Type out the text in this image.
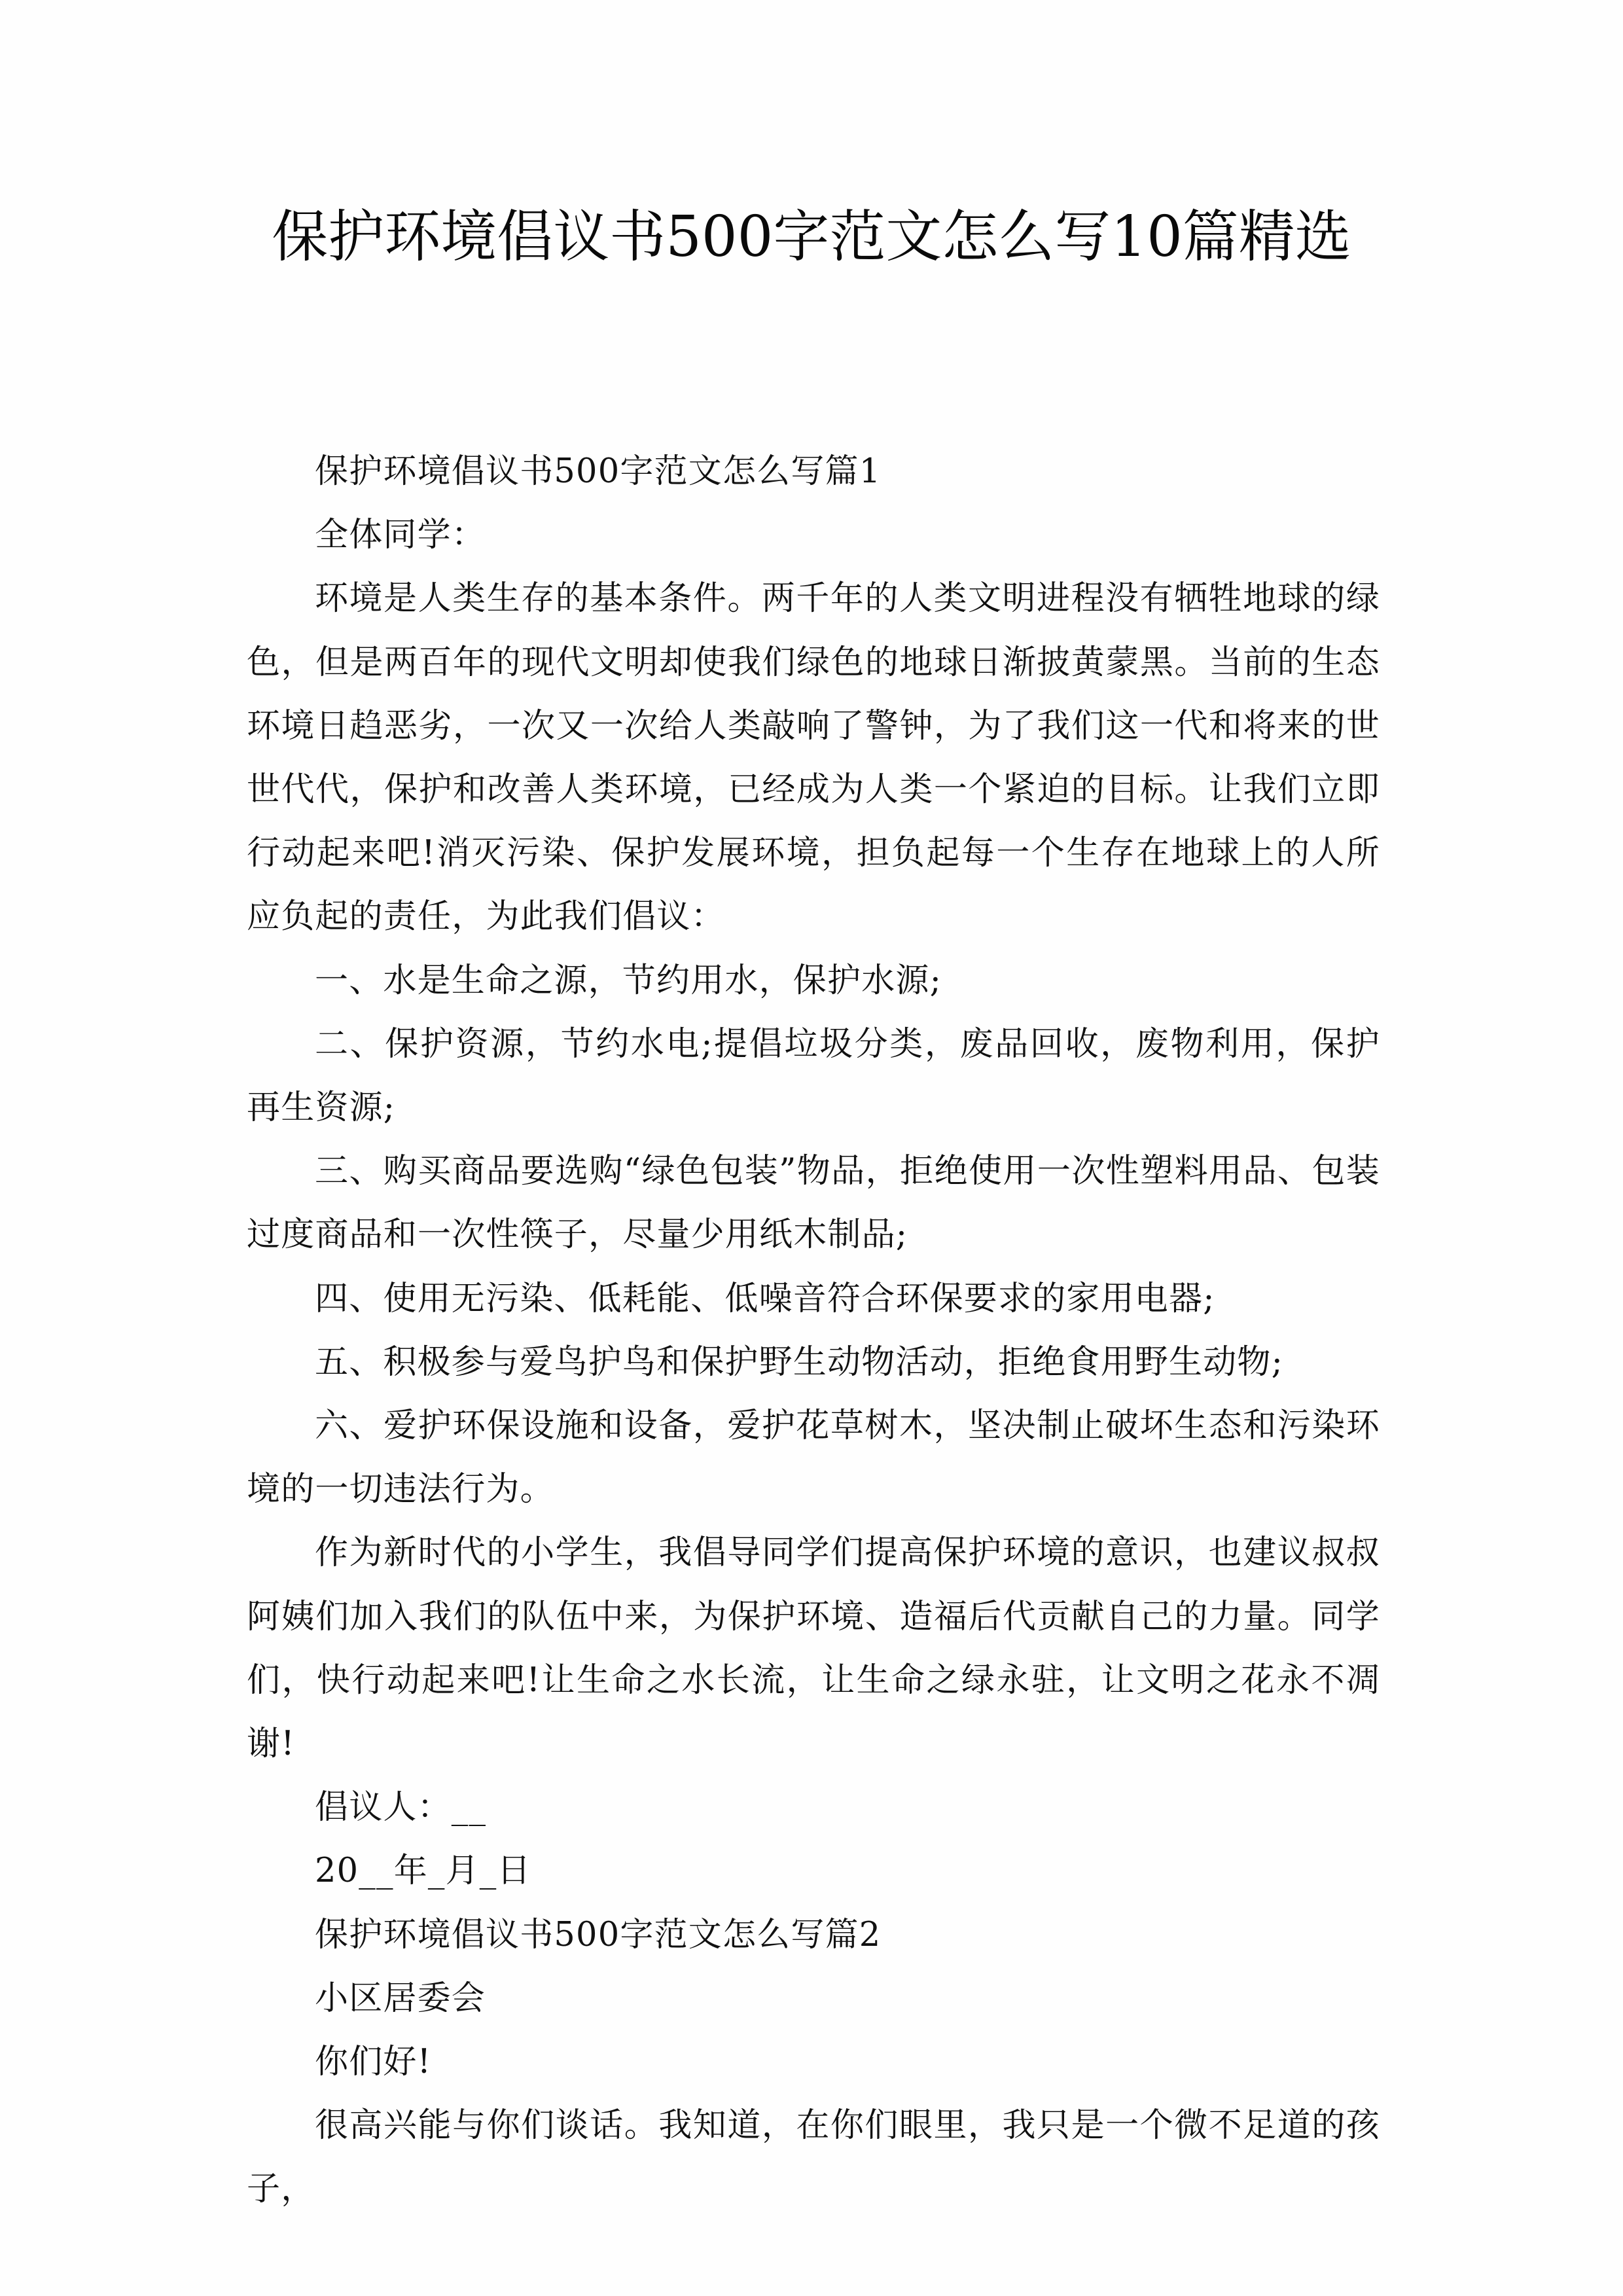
保护环境倡议书500字范文怎么写10篇精选

保护环境倡议书500字范文怎么写篇1

全体同学：

环境是人类生存的基本条件。两千年的人类文明进程没有牺牲地球的绿色，但是两百年的现代文明却使我们绿色的地球日渐披黄蒙黑。当前的生态环境日趋恶劣，一次又一次给人类敲响了警钟，为了我们这一代和将来的世世代代，保护和改善人类环境，已经成为人类一个紧迫的目标。让我们立即行动起来吧!消灭污染、保护发展环境，担负起每一个生存在地球上的人所应负起的责任，为此我们倡议：

一、水是生命之源，节约用水，保护水源;

二、保护资源，节约水电;提倡垃圾分类，废品回收，废物利用，保护再生资源;

三、购买商品要选购“绿色包装”物品，拒绝使用一次性塑料用品、包装过度商品和一次性筷子，尽量少用纸木制品;

四、使用无污染、低耗能、低噪音符合环保要求的家用电器;

五、积极参与爱鸟护鸟和保护野生动物活动，拒绝食用野生动物;

六、爱护环保设施和设备，爱护花草树木，坚决制止破坏生态和污染环境的一切违法行为。

作为新时代的小学生，我倡导同学们提高保护环境的意识，也建议叔叔阿姨们加入我们的队伍中来，为保护环境、造福后代贡献自己的力量。同学们，快行动起来吧!让生命之水长流，让生命之绿永驻，让文明之花永不凋谢!

倡议人：__

20__年_月_日

保护环境倡议书500字范文怎么写篇2

小区居委会

你们好!

很高兴能与你们谈话。我知道，在你们眼里，我只是一个微不足道的孩子，
